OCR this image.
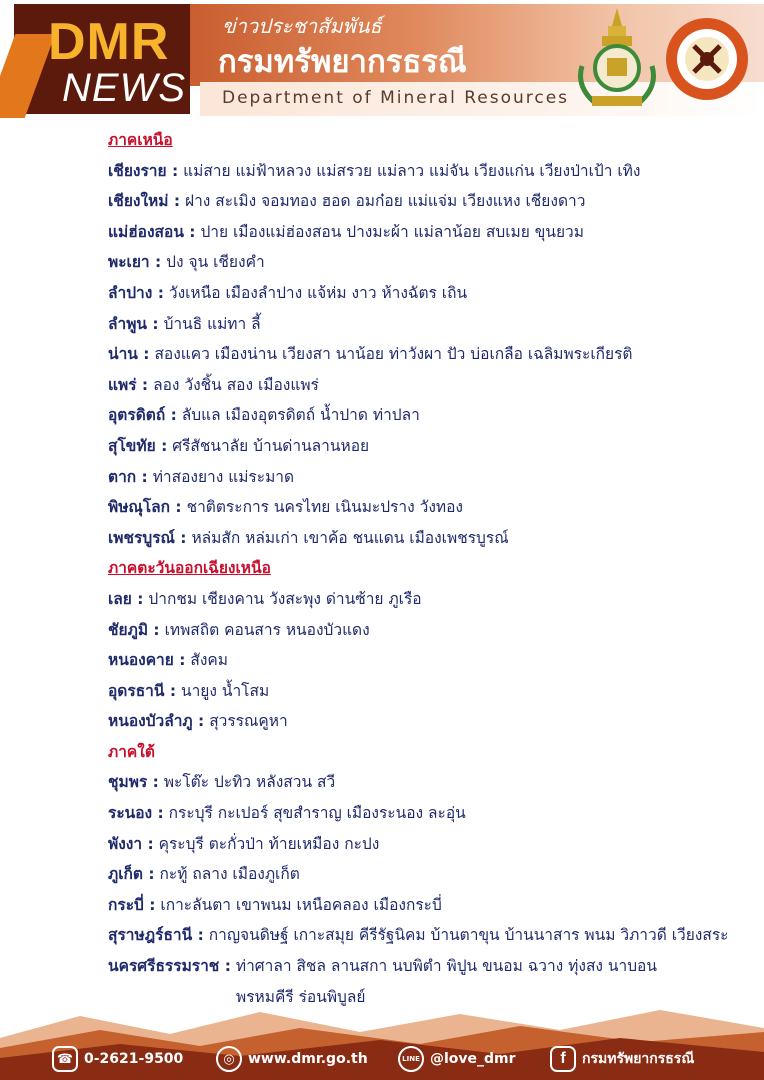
DMR
NEWS
ข่าวประชาสัมพันธ์
กรมทรัพยากรธรณี
Department of Mineral Resources
ภาคเหนือ
เชียงราย : แม่สาย แม่ฟ้าหลวง แม่สรวย แม่ลาว แม่จัน เวียงแก่น เวียงป่าเป้า เทิง
เชียงใหม่ : ฝาง สะเมิง จอมทอง ฮอด อมก๋อย แม่แจ่ม เวียงแหง เชียงดาว
แม่ฮ่องสอน : ปาย เมืองแม่ฮ่องสอน ปางมะผ้า แม่ลาน้อย สบเมย ขุนยวม
พะเยา : ปง จุน เชียงคำ
ลำปาง : วังเหนือ เมืองลำปาง แจ้ห่ม งาว ห้างฉัตร เถิน
ลำพูน : บ้านธิ แม่ทา ลี้
น่าน : สองแคว เมืองน่าน เวียงสา นาน้อย ท่าวังผา ปัว บ่อเกลือ เฉลิมพระเกียรติ
แพร่ : ลอง วังชิ้น สอง เมืองแพร่
อุตรดิตถ์ : ลับแล เมืองอุตรดิตถ์ น้ำปาด ท่าปลา
สุโขทัย : ศรีสัชนาลัย บ้านด่านลานหอย
ตาก : ท่าสองยาง แม่ระมาด
พิษณุโลก : ชาติตระการ นครไทย เนินมะปราง วังทอง
เพชรบูรณ์ : หล่มสัก หล่มเก่า เขาค้อ ชนแดน เมืองเพชรบูรณ์
ภาคตะวันออกเฉียงเหนือ
เลย : ปากชม เชียงคาน วังสะพุง ด่านซ้าย ภูเรือ
ชัยภูมิ : เทพสถิต คอนสาร หนองบัวแดง
หนองคาย : สังคม
อุดรธานี : นายูง น้ำโสม
หนองบัวลำภู : สุวรรณคูหา
ภาคใต้
ชุมพร : พะโต๊ะ ปะทิว หลังสวน สวี
ระนอง : กระบุรี กะเปอร์ สุขสำราญ เมืองระนอง ละอุ่น
พังงา : คุระบุรี ตะกั่วป่า ท้ายเหมือง กะปง
ภูเก็ต : กะทู้ ถลาง เมืองภูเก็ต
กระบี่ : เกาะลันตา เขาพนม เหนือคลอง เมืองกระบี่
สุราษฎร์ธานี : กาญจนดิษฐ์ เกาะสมุย คีรีรัฐนิคม บ้านตาขุน บ้านนาสาร พนม วิภาวดี เวียงสระ
นครศรีธรรมราช : ท่าศาลา สิชล ลานสกา นบพิตำ พิปูน ขนอม ฉวาง ทุ่งสง นาบอน
พรหมคีรี ร่อนพิบูลย์
☎ 0-2621-9500	◎ www.dmr.go.th	LINE @love_dmr	f	กรมทรัพยากรธรณี
